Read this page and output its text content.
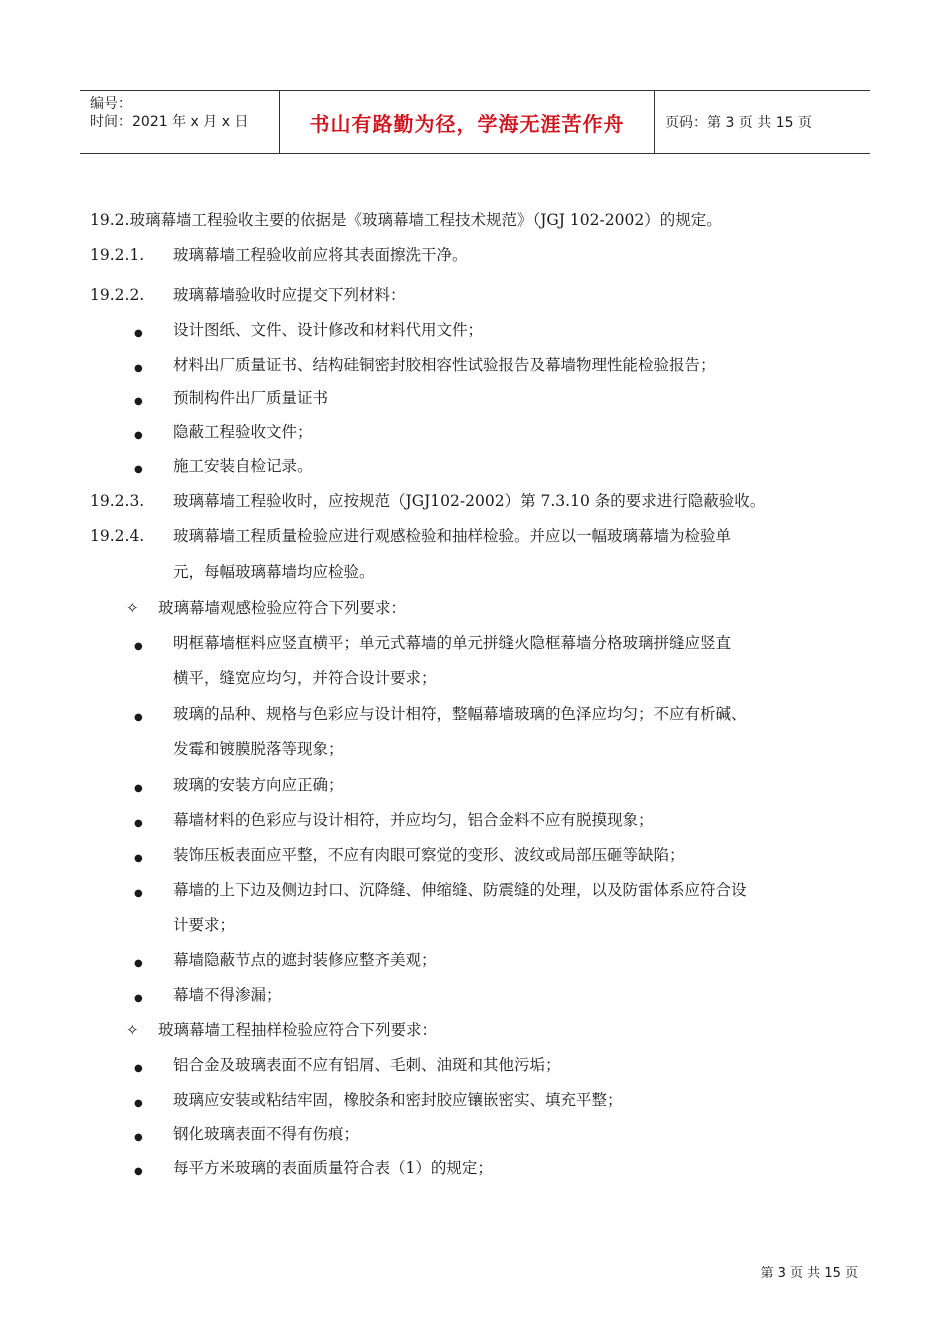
编号：
时间：2021 年 x 月 x 日	书山有路勤为径，学海无涯苦作舟	页码：第 3 页 共 15 页
19.2.玻璃幕墙工程验收主要的依据是《玻璃幕墙工程技术规范》（JGJ 102-2002）的规定。
19.2.1. 玻璃幕墙工程验收前应将其表面擦洗干净。
19.2.2. 玻璃幕墙验收时应提交下列材料：
● 设计图纸、文件、设计修改和材料代用文件；
● 材料出厂质量证书、结构硅铜密封胶相容性试验报告及幕墙物理性能检验报告；
● 预制构件出厂质量证书
● 隐蔽工程验收文件；
● 施工安装自检记录。
19.2.3. 玻璃幕墙工程验收时，应按规范（JGJ102-2002）第 7.3.10 条的要求进行隐蔽验收。
19.2.4. 玻璃幕墙工程质量检验应进行观感检验和抽样检验。并应以一幅玻璃幕墙为检验单
元，每幅玻璃幕墙均应检验。
✧ 玻璃幕墙观感检验应符合下列要求：
● 明框幕墙框料应竖直横平；单元式幕墙的单元拼缝火隐框幕墙分格玻璃拼缝应竖直
横平，缝宽应均匀，并符合设计要求；
● 玻璃的品种、规格与色彩应与设计相符，整幅幕墙玻璃的色泽应均匀；不应有析碱、
发霉和镀膜脱落等现象；
● 玻璃的安装方向应正确；
● 幕墙材料的色彩应与设计相符，并应均匀，铝合金料不应有脱摸现象；
● 装饰压板表面应平整，不应有肉眼可察觉的变形、波纹或局部压砸等缺陷；
● 幕墙的上下边及侧边封口、沉降缝、伸缩缝、防震缝的处理，以及防雷体系应符合设
计要求；
● 幕墙隐蔽节点的遮封装修应整齐美观；
● 幕墙不得渗漏；
✧ 玻璃幕墙工程抽样检验应符合下列要求：
● 铝合金及玻璃表面不应有铝屑、毛刺、油斑和其他污垢；
● 玻璃应安装或粘结牢固，橡胶条和密封胶应镶嵌密实、填充平整；
● 钢化玻璃表面不得有伤痕；
● 每平方米玻璃的表面质量符合表（1）的规定；
第 3 页 共 15 页
